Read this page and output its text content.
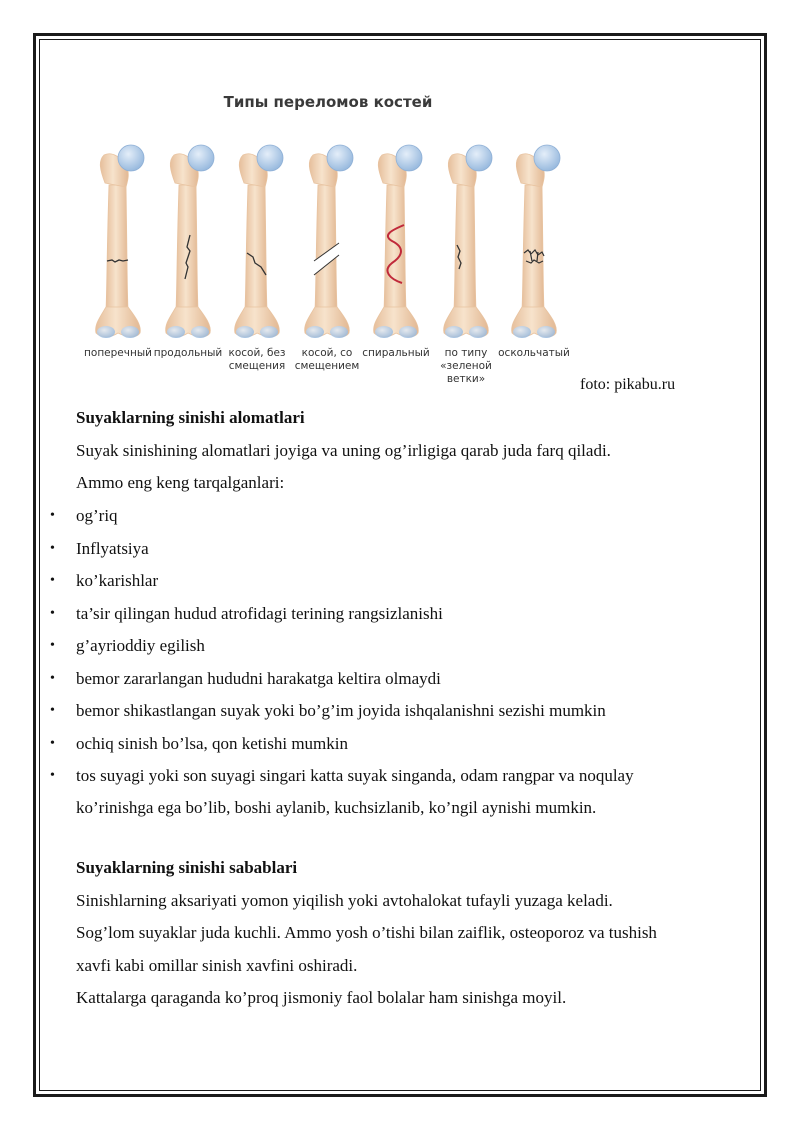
Типы переломов костей
поперечный продольный косой, без
смещения
косой, со
смещением
спиральный	по типу
«зеленой ветки»
оскольчатый
foto: pikabu.ru
Suyaklarning sinishi alomatlari
Suyak sinishining alomatlari joyiga va uning og’irligiga qarab juda farq qiladi.
Ammo eng keng tarqalganlari:
• og’riq
• Inflyatsiya
• ko’karishlar
• ta’sir qilingan hudud atrofidagi terining rangsizlanishi
• g’ayrioddiy egilish
• bemor zararlangan hududni harakatga keltira olmaydi
• bemor shikastlangan suyak yoki bo’g’im joyida ishqalanishni sezishi mumkin
• ochiq sinish bo’lsa, qon ketishi mumkin
• tos suyagi yoki son suyagi singari katta suyak singanda, odam rangpar va noqulay
ko’rinishga ega bo’lib, boshi aylanib, kuchsizlanib, ko’ngil aynishi mumkin.
Suyaklarning sinishi sabablari
Sinishlarning aksariyati yomon yiqilish yoki avtohalokat tufayli yuzaga keladi.
Sog’lom suyaklar juda kuchli. Ammo yosh o’tishi bilan zaiflik, osteoporoz va tushish
xavfi kabi omillar sinish xavfini oshiradi.
Kattalarga qaraganda ko’proq jismoniy faol bolalar ham sinishga moyil.
